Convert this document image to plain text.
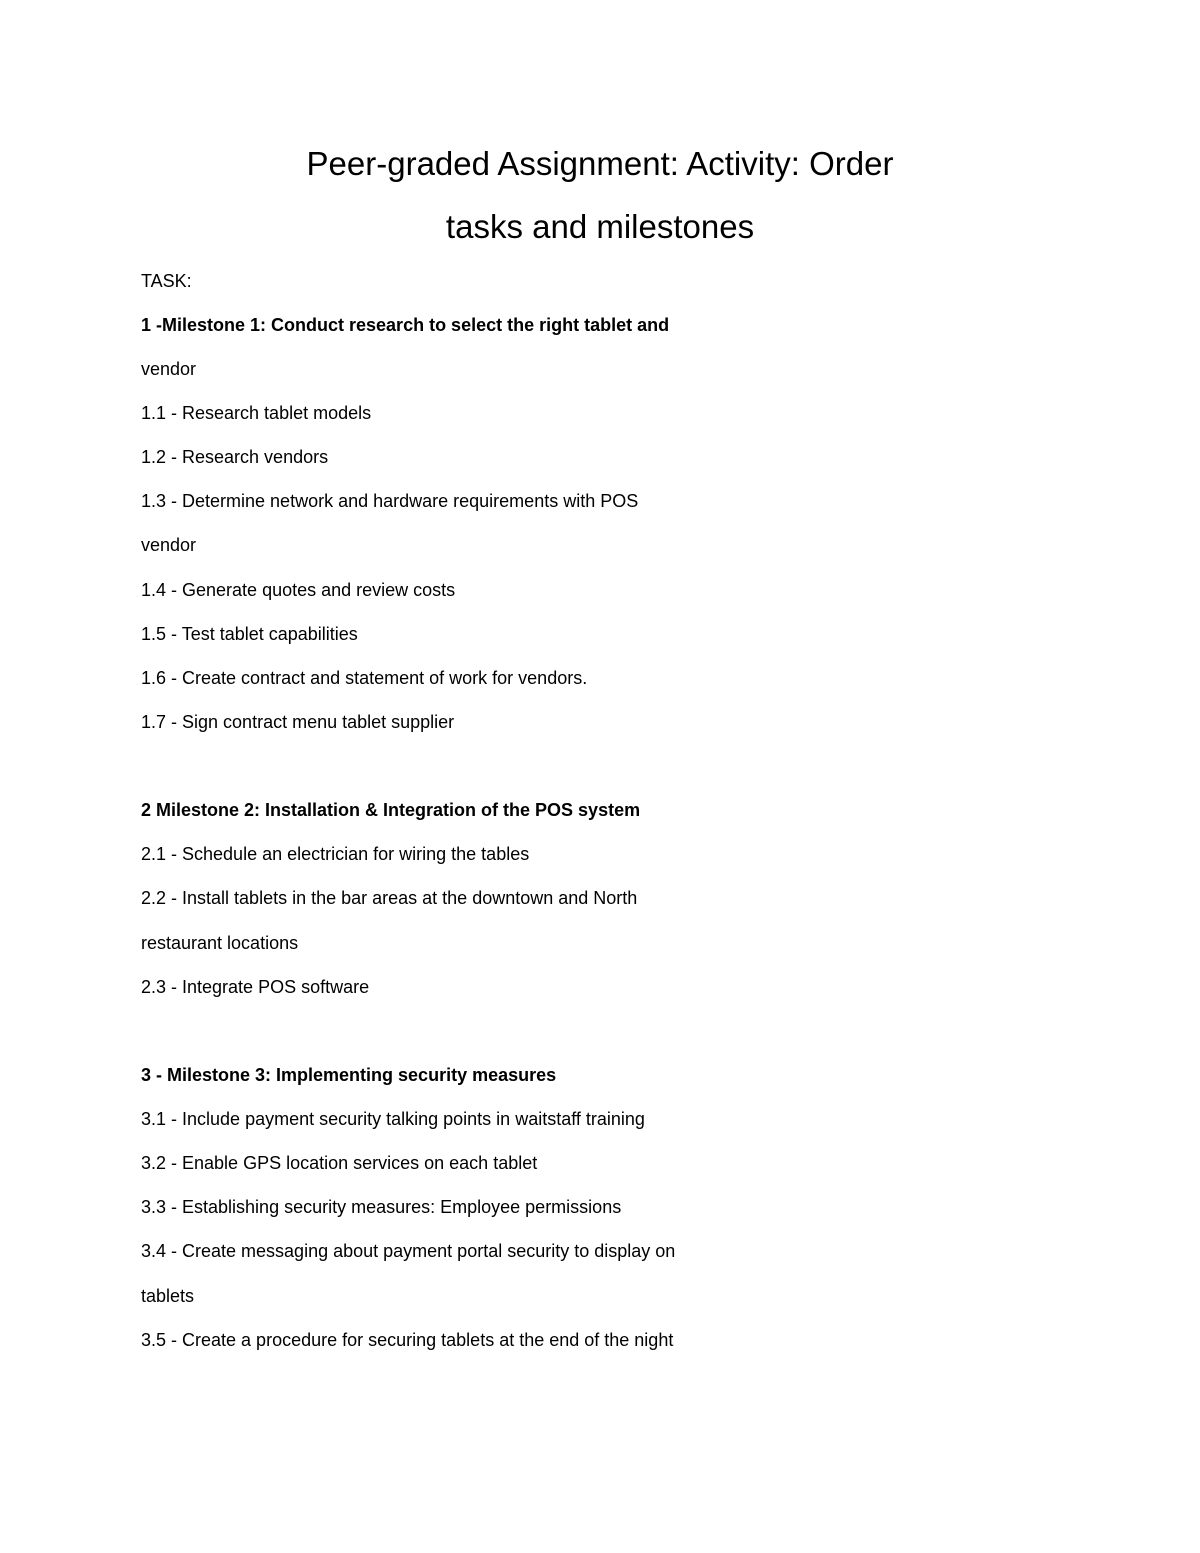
Peer-graded Assignment: Activity: Order
tasks and milestones

TASK:

1 -Milestone 1: Conduct research to select the right tablet and

vendor

1.1 - Research tablet models

1.2 - Research vendors

1.3 - Determine network and hardware requirements with POS

vendor

1.4 - Generate quotes and review costs

1.5 - Test tablet capabilities

1.6 - Create contract and statement of work for vendors.

1.7 - Sign contract menu tablet supplier

2 Milestone 2: Installation & Integration of the POS system

2.1 - Schedule an electrician for wiring the tables

2.2 - Install tablets in the bar areas at the downtown and North

restaurant locations

2.3 - Integrate POS software

3 - Milestone 3: Implementing security measures

3.1 - Include payment security talking points in waitstaff training

3.2 - Enable GPS location services on each tablet

3.3 - Establishing security measures: Employee permissions

3.4 - Create messaging about payment portal security to display on

tablets

3.5 - Create a procedure for securing tablets at the end of the night
